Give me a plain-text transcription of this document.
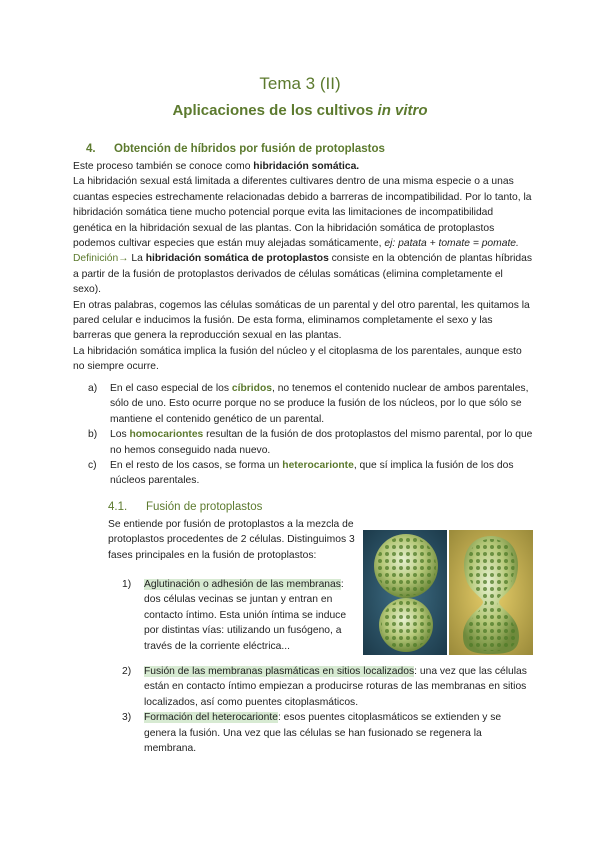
Tema 3 (II)
Aplicaciones de los cultivos in vitro
4. Obtención de híbridos por fusión de protoplastos

Este proceso también se conoce como hibridación somática.

La hibridación sexual está limitada a diferentes cultivares dentro de una misma especie o a unas cuantas especies estrechamente relacionadas debido a barreras de incompatibilidad. Por lo tanto, la hibridación somática tiene mucho potencial porque evita las limitaciones de incompatibilidad genética en la hibridación sexual de las plantas. Con la hibridación somática de protoplastos podemos cultivar especies que están muy alejadas somáticamente, ej: patata + tomate = pomate.

Definición→ La hibridación somática de protoplastos consiste en la obtención de plantas híbridas a partir de la fusión de protoplastos derivados de células somáticas (elimina completamente el sexo).

En otras palabras, cogemos las células somáticas de un parental y del otro parental, les quitamos la pared celular e inducimos la fusión. De esta forma, eliminamos completamente el sexo y las barreras que genera la reproducción sexual en las plantas.

La hibridación somática implica la fusión del núcleo y el citoplasma de los parentales, aunque esto no siempre ocurre.

a) En el caso especial de los cíbridos, no tenemos el contenido nuclear de ambos parentales, sólo de uno. Esto ocurre porque no se produce la fusión de los núcleos, por lo que sólo se mantiene el contenido genético de un parental.
b) Los homocariontes resultan de la fusión de dos protoplastos del mismo parental, por lo que no hemos conseguido nada nuevo.
c) En el resto de los casos, se forma un heterocarionte, que sí implica la fusión de los dos núcleos parentales.
4.1. Fusión de protoplastos
Se entiende por fusión de protoplastos a la mezcla de protoplastos procedentes de 2 células. Distinguimos 3 fases principales en la fusión de protoplastos:
1) Aglutinación o adhesión de las membranas: dos células vecinas se juntan y entran en contacto íntimo. Esta unión íntima se induce por distintas vías: utilizando un fusógeno, a través de la corriente eléctrica...
2) Fusión de las membranas plasmáticas en sitios localizados: una vez que las células están en contacto íntimo empiezan a producirse roturas de las membranas en sitios localizados, así como puentes citoplasmáticos.
3) Formación del heterocarionte: esos puentes citoplasmáticos se extienden y se genera la fusión. Una vez que las células se han fusionado se regenera la membrana.
